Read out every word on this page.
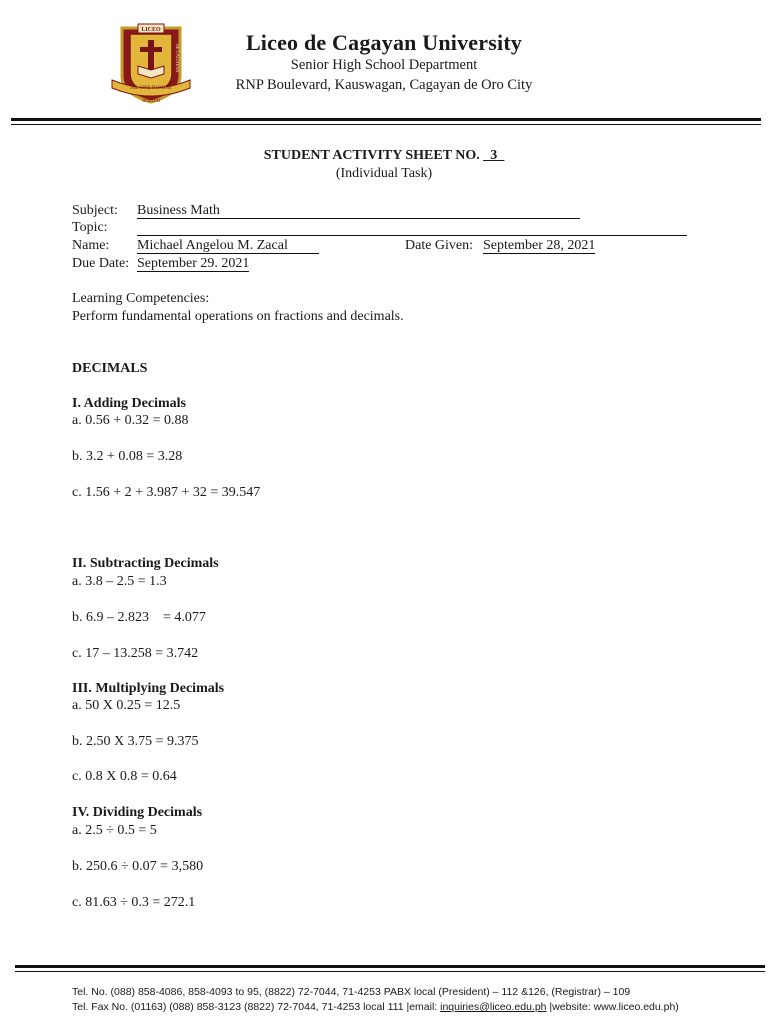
LICEO
DE CAGAYAN
NIL SINE NUMINE
SIGILLUM
Liceo de Cagayan University
Senior High School Department
RNP Boulevard, Kauswagan, Cagayan de Oro City
STUDENT ACTIVITY SHEET NO. _3_
(Individual Task)
Subject: Business Math
Topic:
Name: Michael Angelou M. Zacal	Date Given: September 28, 2021
Due Date: September 29. 2021
Learning Competencies:
Perform fundamental operations on fractions and decimals.
DECIMALS
I. Adding Decimals
a. 0.56 + 0.32 = 0.88
b. 3.2 + 0.08 = 3.28
c. 1.56 + 2 + 3.987 + 32 = 39.547
II. Subtracting Decimals
a. 3.8 – 2.5 = 1.3
b. 6.9 – 2.823    = 4.077
c. 17 – 13.258 = 3.742
III. Multiplying Decimals
a. 50 X 0.25 = 12.5
b. 2.50 X 3.75 = 9.375
c. 0.8 X 0.8 = 0.64
IV. Dividing Decimals
a. 2.5 ÷ 0.5 = 5
b. 250.6 ÷ 0.07 = 3,580
c. 81.63 ÷ 0.3 = 272.1
Tel. No. (088) 858-4086, 858-4093 to 95, (8822) 72-7044, 71-4253 PABX local (President) – 112 &126, (Registrar) – 109
Tel. Fax No. (01163) (088) 858-3123 (8822) 72-7044, 71-4253 local 111 |email: inquiries@liceo.edu.ph |website: www.liceo.edu.ph)
